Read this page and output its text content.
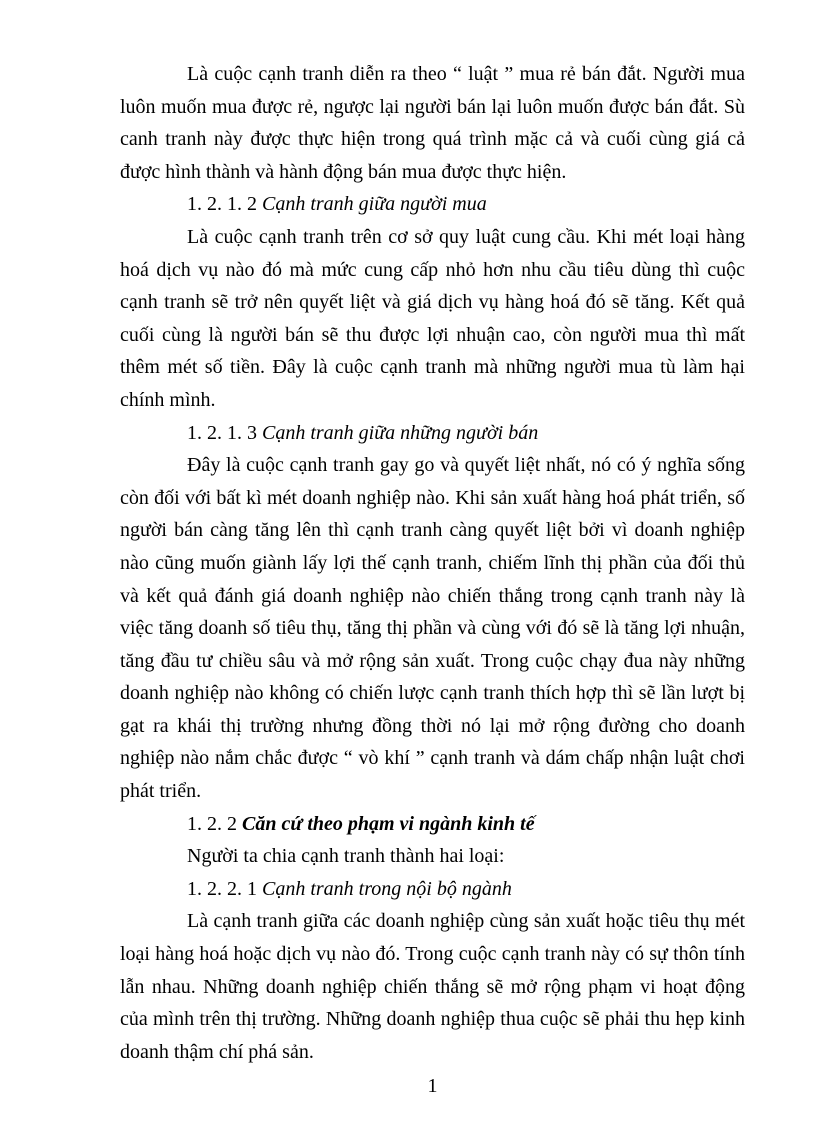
Là cuộc cạnh tranh diễn ra theo “ luật ” mua rẻ bán đắt. Người mua luôn muốn mua được rẻ, ngược lại người bán lại luôn muốn được bán đắt. Sù canh tranh này được thực hiện trong quá trình mặc cả và cuối cùng giá cả được hình thành và hành động bán mua được thực hiện.

1. 2. 1. 2 Cạnh tranh giữa người mua

Là cuộc cạnh tranh trên cơ sở quy luật cung cầu. Khi mét loại hàng hoá dịch vụ nào đó mà mức cung cấp nhỏ hơn nhu cầu tiêu dùng thì cuộc cạnh tranh sẽ trở nên quyết liệt và giá dịch vụ hàng hoá đó sẽ tăng. Kết quả cuối cùng là người bán sẽ thu được lợi nhuận cao, còn người mua thì mất thêm mét số tiền. Đây là cuộc cạnh tranh mà những người mua tù làm hại chính mình.

1. 2. 1. 3 Cạnh tranh giữa những người bán

Đây là cuộc cạnh tranh gay go và quyết liệt nhất, nó có ý nghĩa sống còn đối với bất kì mét doanh nghiệp nào. Khi sản xuất hàng hoá phát triển, số người bán càng tăng lên thì cạnh tranh càng quyết liệt bởi vì doanh nghiệp nào cũng muốn giành lấy lợi thế cạnh tranh, chiếm lĩnh thị phần của đối thủ và kết quả đánh giá doanh nghiệp nào chiến thắng trong cạnh tranh này là việc tăng doanh số tiêu thụ, tăng thị phần và cùng với đó sẽ là tăng lợi nhuận, tăng đầu tư chiều sâu và mở rộng sản xuất. Trong cuộc chạy đua này những doanh nghiệp nào không có chiến lược cạnh tranh thích hợp thì sẽ lần lượt bị gạt ra khái thị trường nhưng đồng thời nó lại mở rộng đường cho doanh nghiệp nào nắm chắc được “ vò khí ” cạnh tranh và dám chấp nhận luật chơi phát triển.

1. 2. 2 Căn cứ theo phạm vi ngành kinh tế

Người ta chia cạnh tranh thành hai loại:

1. 2. 2. 1 Cạnh tranh trong nội bộ ngành

Là cạnh tranh giữa các doanh nghiệp cùng sản xuất hoặc tiêu thụ mét loại hàng hoá hoặc dịch vụ nào đó. Trong cuộc cạnh tranh này có sự thôn tính lẫn nhau. Những doanh nghiệp chiến thắng sẽ mở rộng phạm vi hoạt động của mình trên thị trường. Những doanh nghiệp thua cuộc sẽ phải thu hẹp kinh doanh thậm chí phá sản.

1
